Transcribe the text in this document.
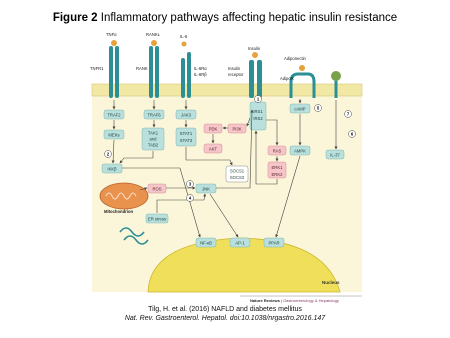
Figure 2 Inflammatory pathways affecting hepatic insulin resistance
Nucleus
TNFα	RANKL	IL-6
Insulin
Adiponectin
TNFR1	RANK	IL-6Rα
IL-6Rβ
Insulin
receptor
AdipoR
TRAF2	TRAF6	JAK3
MEKs	TAK1
and
TAB2
STAT1
STAT3
IRS1
IRS2
cAMP
AMPK
IKKβ
JNK
SOCS1
SOCS3
ER stress
NF-κB	AP-1	PPAR
IL-37
PDK	PI3K
AKT	RAS
ERK1
ERK2
ROS
Mitochondrion
1
2
3
4
5
6
7
Nature Reviews | Gastroenterology & Hepatology
Tilg, H. et al. (2016) NAFLD and diabetes mellitus
Nat. Rev. Gastroenterol. Hepatol. doi:10.1038/nrgastro.2016.147
